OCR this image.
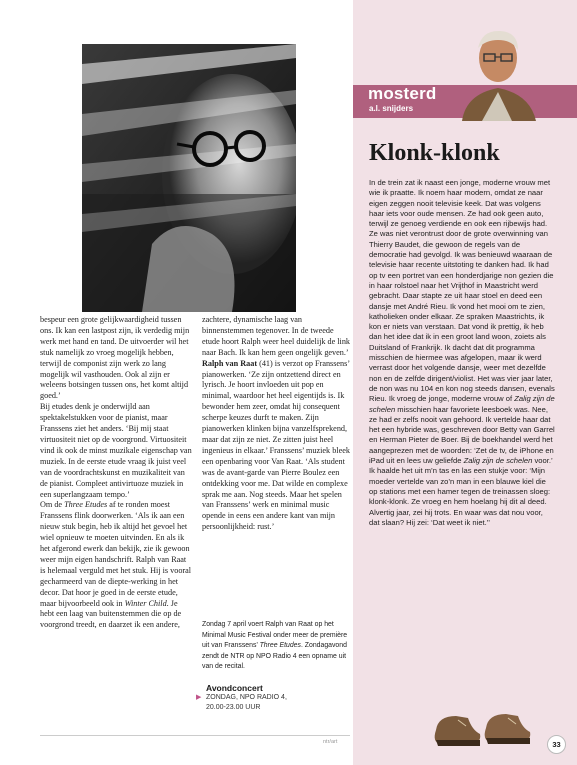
bespeur een grote gelijkwaardigheid tussen ons. Ik kan een lastpost zijn, ik verdedig mijn werk met hand en tand. De uitvoerder wil het stuk namelijk zo vroeg mogelijk hebben, terwijl de componist zijn werk zo lang mogelijk wil vasthouden. Ook al zijn er weleens botsingen tussen ons, het komt altijd goed.’

Bij etudes denk je onderwijld aan spektakelstukken voor de pianist, maar Franssens ziet het anders. ‘Bij mij staat virtuositeit niet op de voorgrond. Virtuositeit vind ik ook de minst muzikale eigenschap van muziek. In de eerste etude vraag ik juist veel van de voordrachtskunst en muzikaliteit van de pianist. Compleet antivirtuoze muziek in een superlangzaam tempo.’

Om de Three Etudes af te ronden moest Franssens flink doorwerken. ‘Als ik aan een nieuw stuk begin, heb ik altijd het gevoel het wiel opnieuw te moeten uitvinden. En als ik het afgerond ewerk dan bekijk, zie ik gewoon weer mijn eigen handschrift. Ralph van Raat is helemaal verguld met het stuk. Hij is vooral gecharmeerd van de diepte-werking in het decor. Dat hoor je goed in de eerste etude, maar bijvoorbeeld ook in Winter Child. Je hebt een laag van buitenstemmen die op de voorgrond treedt, en daarzet ik een andere,

zachtere, dynamische laag van binnenstemmen tegenover. In de tweede etude hoort Ralph weer heel duidelijk de link naar Bach. Ik kan hem geen ongelijk geven.’

Ralph van Raat (41) is verzot op Franssens’ pianowerken. ‘Ze zijn ontzettend direct en lyrisch. Je hoort invloeden uit pop en minimal, waardoor het heel eigentijds is. Ik bewonder hem zeer, omdat hij consequent scherpe keuzes durft te maken. Zijn pianowerken klinken bijna vanzelfsprekend, maar dat zijn ze niet. Ze zitten juist heel ingenieus in elkaar.’ Franssens’ muziek bleek een openbaring voor Van Raat. ‘Als student was de avant-garde van Pierre Boulez een ontdekking voor me. Dat wilde en complexe sprak me aan. Nog steeds. Maar het spelen van Franssens’ werk en minimal music opende in eens een andere kant van mijn persoonlijkheid: rust.’

Zondag 7 april voert Ralph van Raat op het Minimal Music Festival onder meer de première uit van Franssens’ Three Etudes. Zondagavond zendt de NTR op NPO Radio 4 een opname uit van de recital.
Avondconcert
▶ ZONDAG, NPO RADIO 4,
20.00-23.00 UUR
ntr/art
mosterd
a.l. snijders
Klonk-klonk
In de trein zat ik naast een jonge, moderne vrouw met wie ik praatte. Ik noem haar modern, omdat ze naar eigen zeggen nooit televisie keek. Dat was volgens haar iets voor oude mensen. Ze had ook geen auto, terwijl ze genoeg verdiende en ook een rijbewijs had. Ze was niet verontrust door de grote overwinning van Thierry Baudet, die gewoon de regels van de democratie had gevolgd. Ik was benieuwd waaraan de televisie haar recente uitstoting te danken had. Ik had op tv een portret van een honderdjarige non gezien die in haar rolstoel naar het Vrijthof in Maastricht werd gebracht. Daar stapte ze uit haar stoel en deed een dansje met André Rieu. Ik vond het mooi om te zien, katholieken onder elkaar. Ze spraken Maastrichts, ik kon er niets van verstaan. Dat vond ik prettig, ik heb dan het idee dat ik in een groot land woon, zoiets als Duitsland of Frankrijk. Ik dacht dat dit programma misschien de hiermee was afgelopen, maar ik werd verrast door het volgende dansje, weer met dezelfde non en de zelfde dirigent/violist. Het was vier jaar later, de non was nu 104 en kon nog steeds dansen, evenals Rieu. Ik vroeg de jonge, moderne vrouw of Zalig zijn de schelen misschien haar favoriete leesboek was. Nee, ze had er zelfs nooit van gehoord. Ik vertelde haar dat het een hybride was, geschreven door Betty van Garrel en Herman Pieter de Boer. Bij de boekhandel werd het aangeprezen met de woorden: ‘Zet de tv, de iPhone en iPad uit en lees uw geliefde Zalig zijn de schelen voor.’ Ik haalde het uit m’n tas en las een stukje voor: ‘Mijn moeder vertelde van zo’n man in een blauwe kiel die op stations met een hamer tegen de treinassen sloeg: klonk-klonk. Ze vroeg en hem hoelang hij dit al deed. Alvertig jaar, zei hij trots. En waar was dat nou voor, dat slaan? Hij zei: ‘Dat weet ik niet.’’
33
